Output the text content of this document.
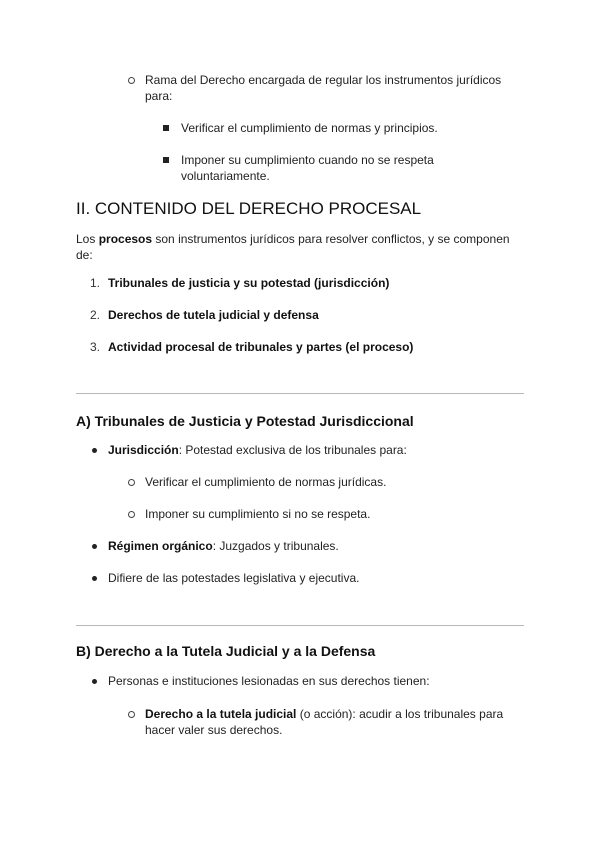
Rama del Derecho encargada de regular los instrumentos jurídicos para:
Verificar el cumplimiento de normas y principios.
Imponer su cumplimiento cuando no se respeta voluntariamente.
II. CONTENIDO DEL DERECHO PROCESAL
Los procesos son instrumentos jurídicos para resolver conflictos, y se componen de:
1. Tribunales de justicia y su potestad (jurisdicción)
2. Derechos de tutela judicial y defensa
3. Actividad procesal de tribunales y partes (el proceso)
A) Tribunales de Justicia y Potestad Jurisdiccional
Jurisdicción: Potestad exclusiva de los tribunales para:
Verificar el cumplimiento de normas jurídicas.
Imponer su cumplimiento si no se respeta.
Régimen orgánico: Juzgados y tribunales.
Difiere de las potestades legislativa y ejecutiva.
B) Derecho a la Tutela Judicial y a la Defensa
Personas e instituciones lesionadas en sus derechos tienen:
Derecho a la tutela judicial (o acción): acudir a los tribunales para hacer valer sus derechos.
